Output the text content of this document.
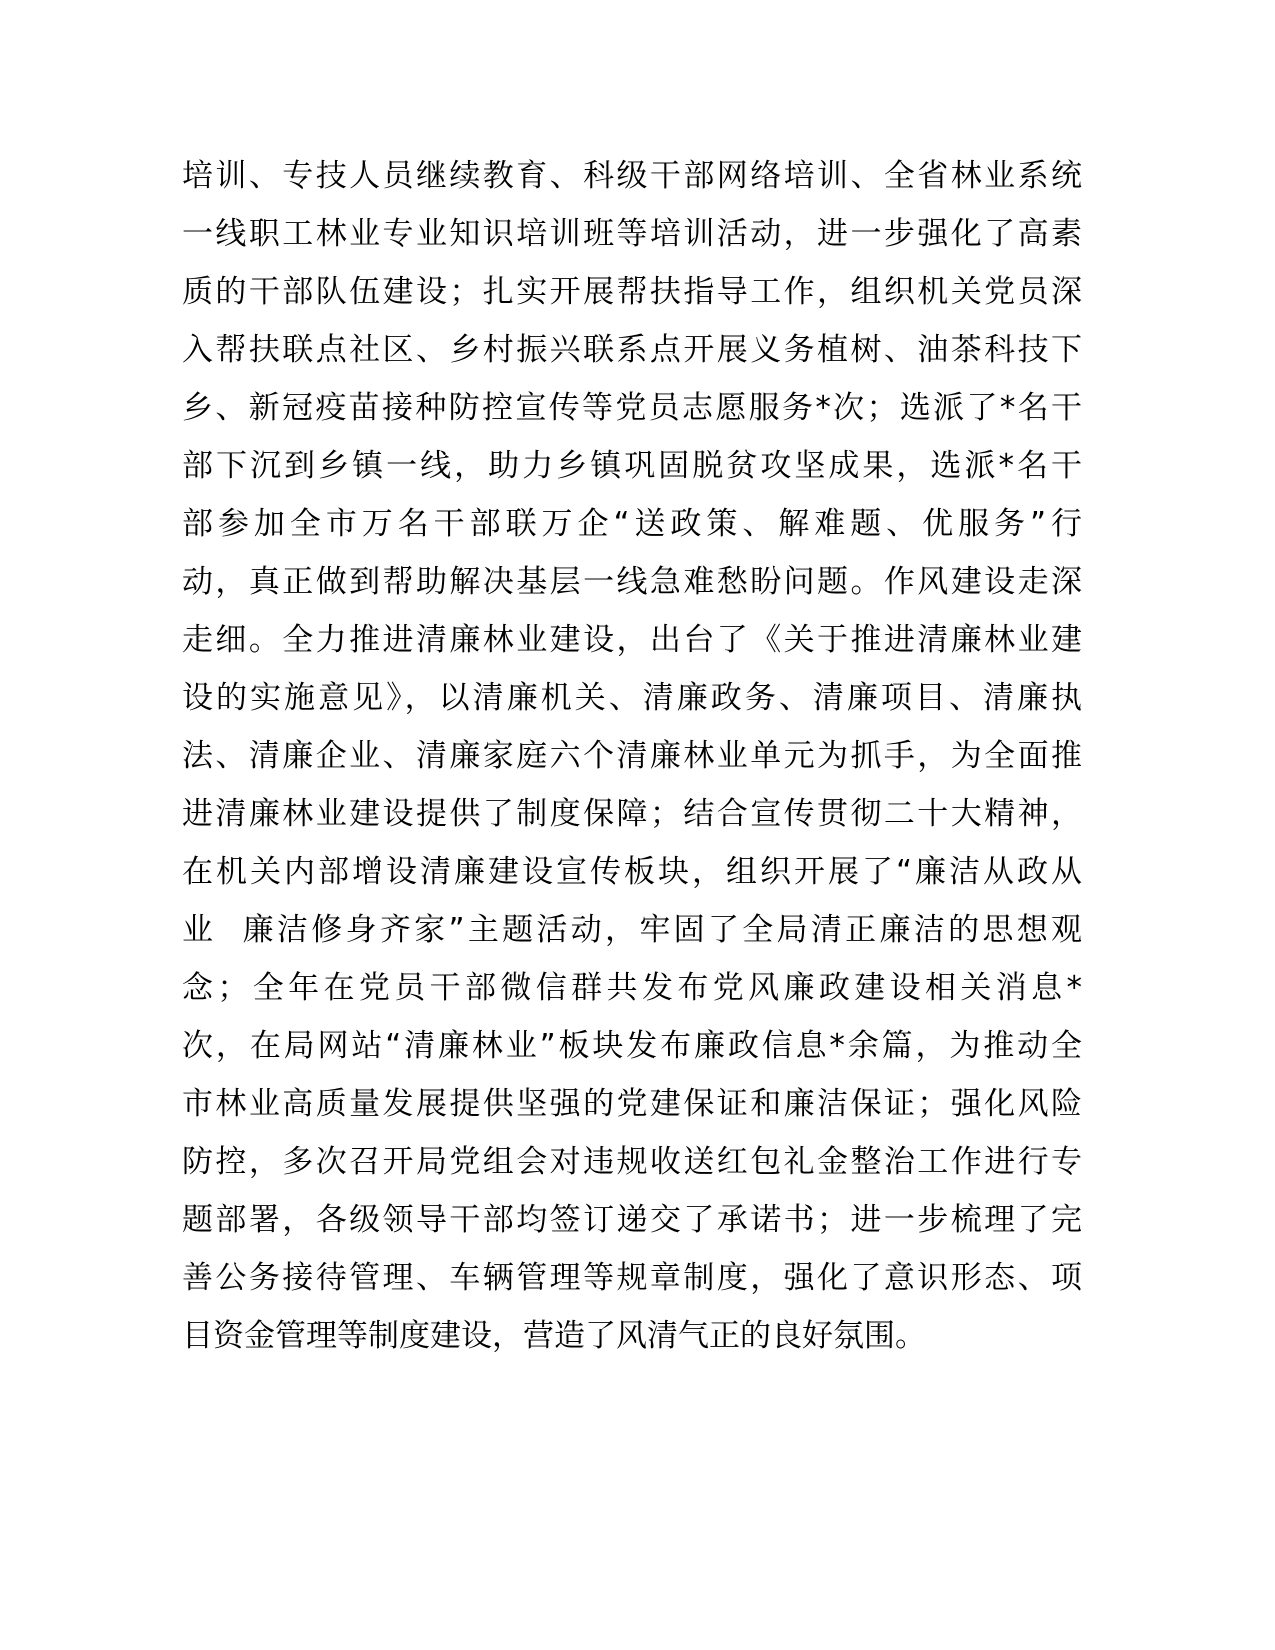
培训、专技人员继续教育、科级干部网络培训、全省林业系统
一线职工林业专业知识培训班等培训活动，进一步强化了高素
质的干部队伍建设；扎实开展帮扶指导工作，组织机关党员深
入帮扶联点社区、乡村振兴联系点开展义务植树、油茶科技下
乡、新冠疫苗接种防控宣传等党员志愿服务*次；选派了*名干
部下沉到乡镇一线，助力乡镇巩固脱贫攻坚成果，选派*名干
部参加全市万名干部联万企“送政策、解难题、优服务”行
动，真正做到帮助解决基层一线急难愁盼问题。作风建设走深
走细。全力推进清廉林业建设，出台了《关于推进清廉林业建
设的实施意见》，以清廉机关、清廉政务、清廉项目、清廉执
法、清廉企业、清廉家庭六个清廉林业单元为抓手，为全面推
进清廉林业建设提供了制度保障；结合宣传贯彻二十大精神，
在机关内部增设清廉建设宣传板块，组织开展了“廉洁从政从
业  廉洁修身齐家”主题活动，牢固了全局清正廉洁的思想观
念；全年在党员干部微信群共发布党风廉政建设相关消息*
次，在局网站“清廉林业”板块发布廉政信息*余篇，为推动全
市林业高质量发展提供坚强的党建保证和廉洁保证；强化风险
防控，多次召开局党组会对违规收送红包礼金整治工作进行专
题部署，各级领导干部均签订递交了承诺书；进一步梳理了完
善公务接待管理、车辆管理等规章制度，强化了意识形态、项
目资金管理等制度建设，营造了风清气正的良好氛围。
